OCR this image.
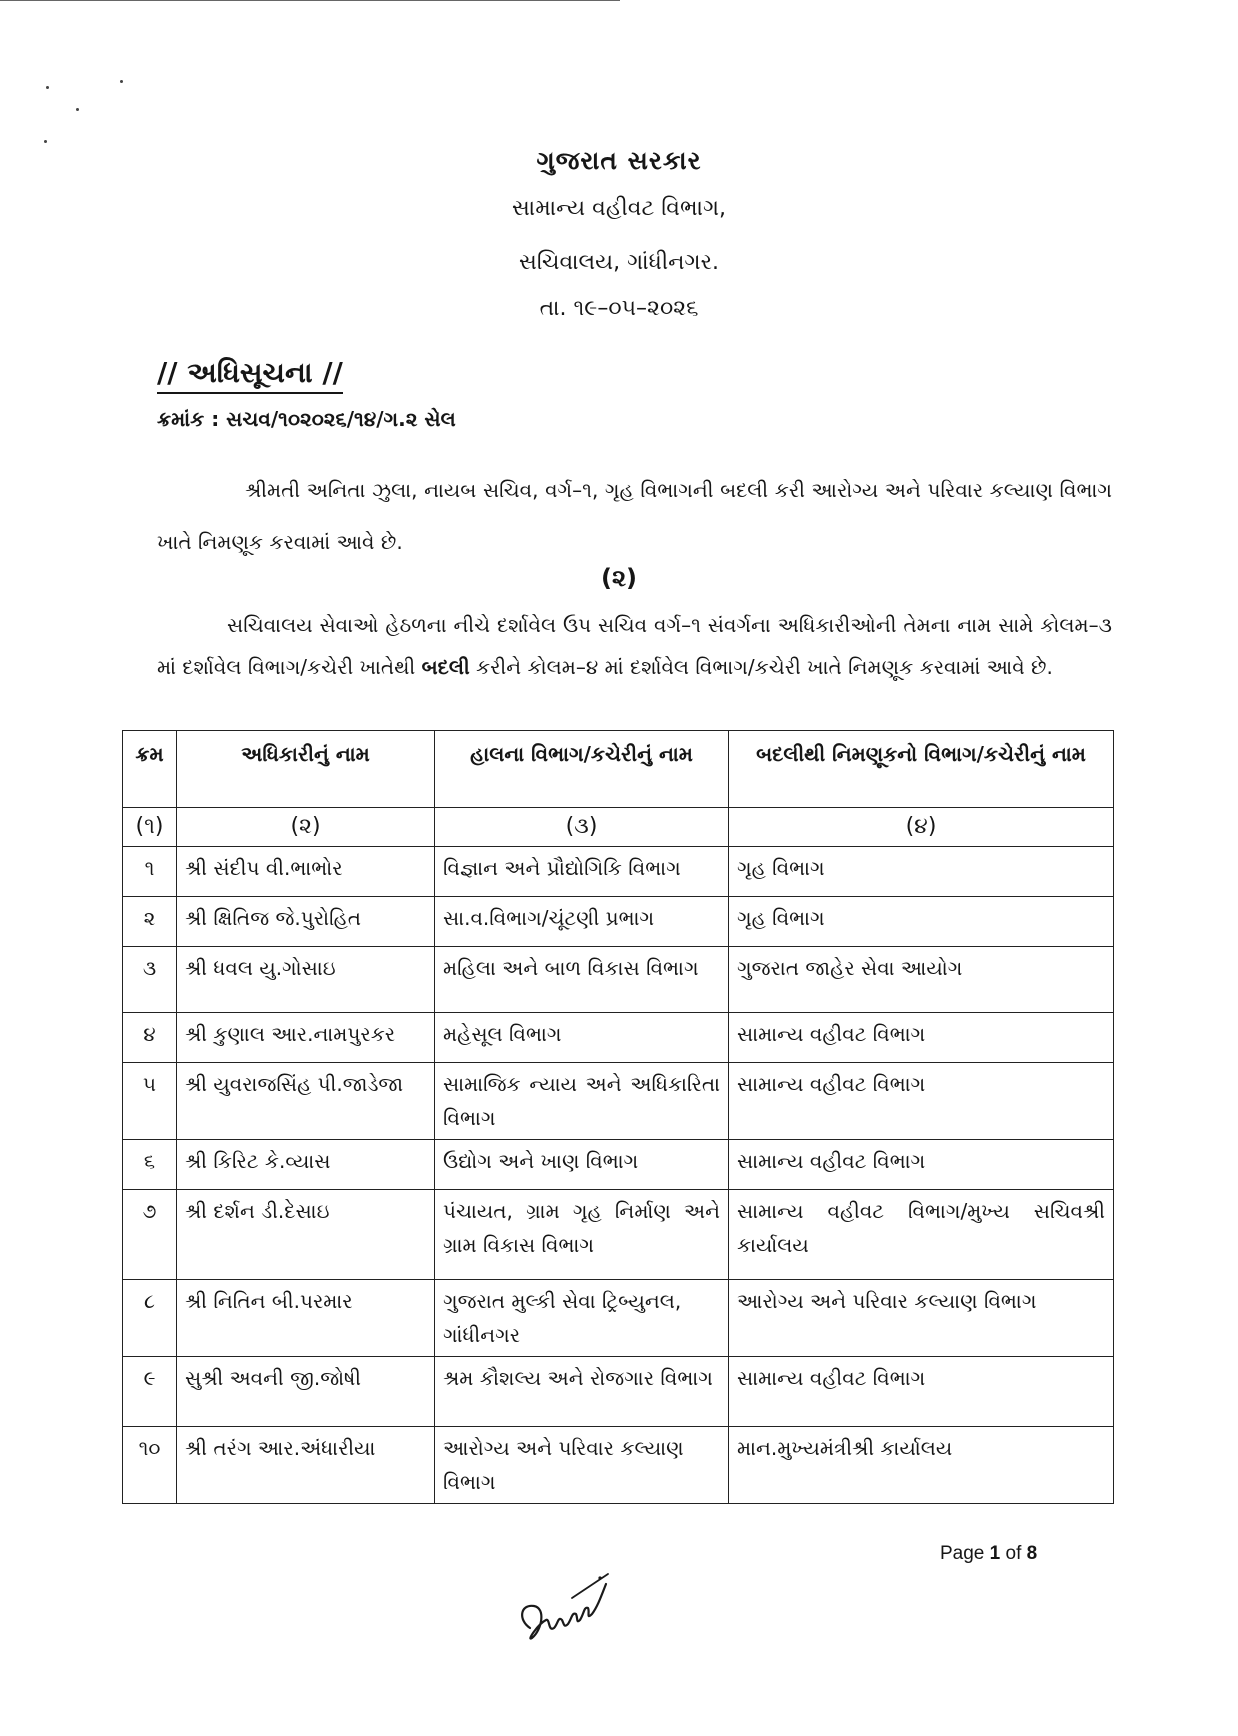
ગુજરાત સરકાર
સામાન્ય વહીવટ વિભાગ,
સચિવાલય, ગાંધીનગર.
તા. ૧૯–૦૫–૨૦૨૬
// અધિસૂચના //
ક્રમાંક : સચવ/૧૦૨૦૨૬/૧૪/ગ.૨ સેલ
શ્રીમતી અનિતા ઝુલા, નાયબ સચિવ, વર્ગ–૧, ગૃહ વિભાગની બદલી કરી આરોગ્ય અને પરિવાર કલ્યાણ વિભાગ ખાતે નિમણૂક કરવામાં આવે છે.
(૨)
સચિવાલય સેવાઓ હેઠળના નીચે દર્શાવેલ ઉપ સચિવ વર્ગ–૧ સંવર્ગના અધિકારીઓની તેમના નામ સામે કોલમ–૩ માં દર્શાવેલ વિભાગ/કચેરી ખાતેથી બદલી કરીને કોલમ–૪ માં દર્શાવેલ વિભાગ/કચેરી ખાતે નિમણૂક કરવામાં આવે છે.
ક્રમ	અધિકારીનું નામ	હાલના વિભાગ/કચેરીનું નામ	બદલીથી નિમણૂકનો વિભાગ/કચેરીનું નામ
(૧)	(૨)	(૩)	(૪)
૧	શ્રી સંદીપ વી.ભાભોર	વિજ્ઞાન અને પ્રૌદ્યોગિકિ વિભાગ	ગૃહ વિભાગ
૨	શ્રી ક્ષિતિજ જે.પુરોહિત	સા.વ.વિભાગ/ચૂંટણી પ્રભાગ	ગૃહ વિભાગ
૩	શ્રી ધવલ યુ.ગોસાઇ	મહિલા અને બાળ વિકાસ વિભાગ	ગુજરાત જાહેર સેવા આયોગ
૪	શ્રી કુણાલ આર.નામપુરકર	મહેસૂલ વિભાગ	સામાન્ય વહીવટ વિભાગ
૫	શ્રી યુવરાજસિંહ પી.જાડેજા	સામાજિક ન્યાય અને અધિકારિતા વિભાગ	સામાન્ય વહીવટ વિભાગ
૬	શ્રી કિરિટ કે.વ્યાસ	ઉદ્યોગ અને ખાણ વિભાગ	સામાન્ય વહીવટ વિભાગ
૭	શ્રી દર્શન ડી.દેસાઇ	પંચાયત, ગ્રામ ગૃહ નિર્માણ અને ગ્રામ વિકાસ વિભાગ	સામાન્ય વહીવટ વિભાગ/મુખ્ય સચિવશ્રી કાર્યાલય
૮	શ્રી નિતિન બી.પરમાર	ગુજરાત મુલ્કી સેવા ટ્રિબ્યુનલ, ગાંધીનગર	આરોગ્ય અને પરિવાર કલ્યાણ વિભાગ
૯	સુશ્રી અવની જી.જોષી	શ્રમ કૌશલ્ય અને રોજગાર વિભાગ	સામાન્ય વહીવટ વિભાગ
૧૦	શ્રી તરંગ આર.અંધારીયા	આરોગ્ય અને પરિવાર કલ્યાણ વિભાગ	માન.મુખ્યમંત્રીશ્રી કાર્યાલય
Page 1 of 8
